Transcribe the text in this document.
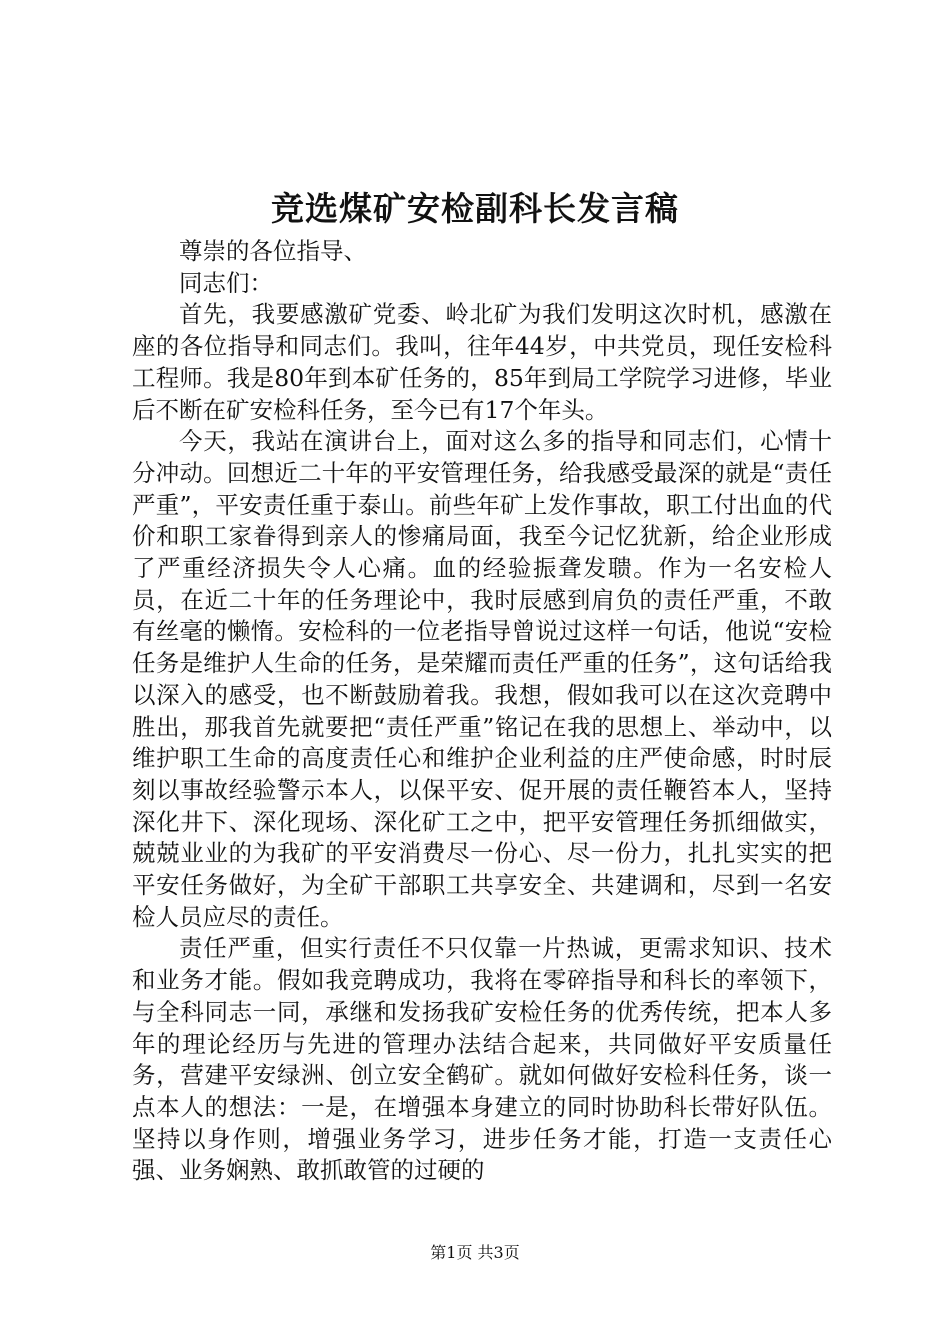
竞选煤矿安检副科长发言稿

尊崇的各位指导、

同志们：

首先，我要感激矿党委、岭北矿为我们发明这次时机，感激在座的各位指导和同志们。我叫，往年44岁，中共党员，现任安检科工程师。我是80年到本矿任务的，85年到局工学院学习进修，毕业后不断在矿安检科任务，至今已有17个年头。

今天，我站在演讲台上，面对这么多的指导和同志们，心情十分冲动。回想近二十年的平安管理任务，给我感受最深的就是“责任严重”，平安责任重于泰山。前些年矿上发作事故，职工付出血的代价和职工家眷得到亲人的惨痛局面，我至今记忆犹新，给企业形成了严重经济损失令人心痛。血的经验振聋发聩。作为一名安检人员，在近二十年的任务理论中，我时辰感到肩负的责任严重，不敢有丝毫的懒惰。安检科的一位老指导曾说过这样一句话，他说“安检任务是维护人生命的任务，是荣耀而责任严重的任务”，这句话给我以深入的感受，也不断鼓励着我。我想，假如我可以在这次竞聘中胜出，那我首先就要把“责任严重”铭记在我的思想上、举动中，以维护职工生命的高度责任心和维护企业利益的庄严使命感，时时辰刻以事故经验警示本人，以保平安、促开展的责任鞭笞本人，坚持深化井下、深化现场、深化矿工之中，把平安管理任务抓细做实，兢兢业业的为我矿的平安消费尽一份心、尽一份力，扎扎实实的把平安任务做好，为全矿干部职工共享安全、共建调和，尽到一名安检人员应尽的责任。

责任严重，但实行责任不只仅靠一片热诚，更需求知识、技术和业务才能。假如我竞聘成功，我将在零碎指导和科长的率领下，与全科同志一同，承继和发扬我矿安检任务的优秀传统，把本人多年的理论经历与先进的管理办法结合起来，共同做好平安质量任务，营建平安绿洲、创立安全鹤矿。就如何做好安检科任务，谈一点本人的想法：一是，在增强本身建立的同时协助科长带好队伍。坚持以身作则，增强业务学习，进步任务才能，打造一支责任心强、业务娴熟、敢抓敢管的过硬的

第1页 共3页
